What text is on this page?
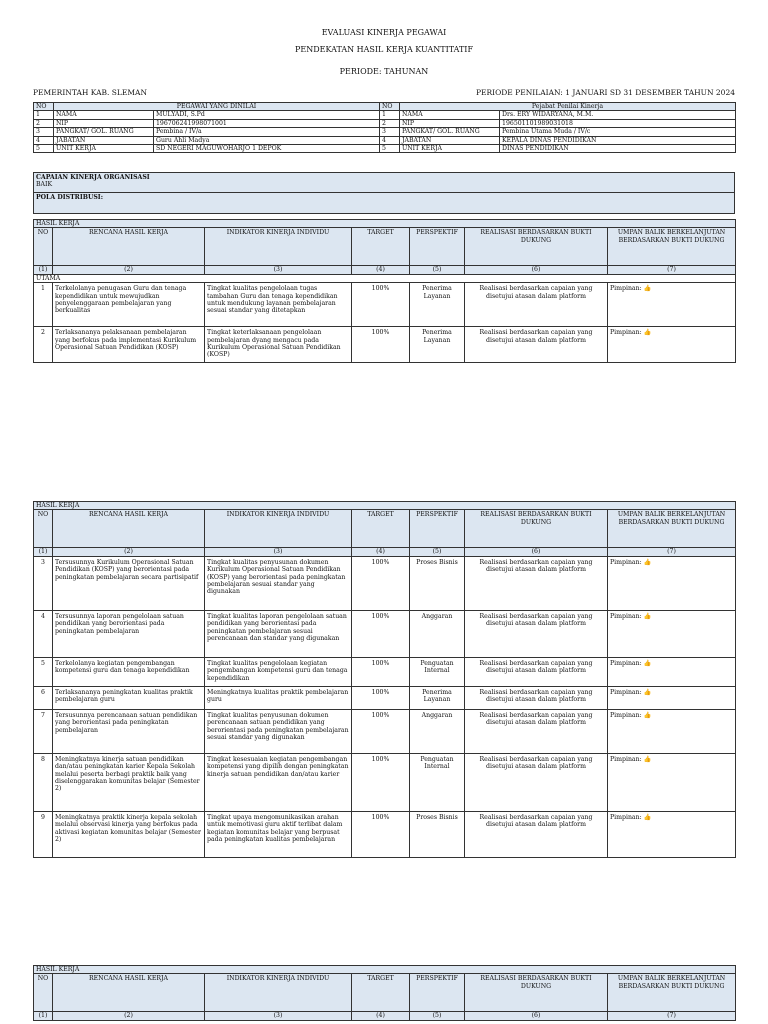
EVALUASI KINERJA PEGAWAI
PENDEKATAN HASIL KERJA KUANTITATIF
PERIODE: TAHUNAN
PEMERINTAH KAB. SLEMAN	PERIODE PENILAIAN: 1 JANUARI SD 31 DESEMBER TAHUN 2024
NO	PEGAWAI YANG DINILAI		NO	Pejabat Penilai Kinerja	
1	NAMA	MULYADI, S.Pd	1	NAMA	Drs. ERY WIDARYANA, M.M.
2	NIP	196706241998071001	2	NIP	196501101989031018
3	PANGKAT/ GOL. RUANG	Pembina / IV/a	3	PANGKAT/ GOL. RUANG	Pembina Utama Muda / IV/c
4	JABATAN	Guru Ahli Madya	4	JABATAN	KEPALA DINAS PENDIDIKAN
5	UNIT KERJA	SD NEGERI MAGUWOHARJO 1 DEPOK	5	UNIT KERJA	DINAS PENDIDIKAN
CAPAIAN KINERJA ORGANISASI
BAIK

POLA DISTRIBUSI:
HASIL KERJA						
NO	RENCANA HASIL KERJA	INDIKATOR KINERJA INDIVIDU	TARGET	PERSPEKTIF	REALISASI BERDASARKAN BUKTI DUKUNG	UMPAN BALIK BERKELANJUTAN BERDASARKAN BUKTI DUKUNG
(1)	(2)	(3)	(4)	(5)	(6)	(7)
UTAMA						
1	Terkelolanya penugasan Guru dan tenaga kependidikan untuk mewujudkan penyelenggaraan pembelajaran yang berkualitas	Tingkat kualitas pengelolaan tugas tambahan Guru dan tenaga kependidikan untuk mendukung layanan pembelajaran sesuai standar yang ditetapkan	100%	Penerima Layanan	Realisasi berdasarkan capaian yang disetujui atasan dalam platform	Pimpinan: 👍
2	Terlaksananya pelaksanaan pembelajaran yang berfokus pada implementasi Kurikulum Operasional Satuan Pendidikan (KOSP)	Tingkat keterlaksanaan pengelolaan pembelajaran dyang mengacu pada Kurikulum Operasional Satuan Pendidikan (KOSP)	100%	Penerima Layanan	Realisasi berdasarkan capaian yang disetujui atasan dalam platform	Pimpinan: 👍
HASIL KERJA						
NO	RENCANA HASIL KERJA	INDIKATOR KINERJA INDIVIDU	TARGET	PERSPEKTIF	REALISASI BERDASARKAN BUKTI DUKUNG	UMPAN BALIK BERKELANJUTAN BERDASARKAN BUKTI DUKUNG
(1)	(2)	(3)	(4)	(5)	(6)	(7)
3	Tersusunnya Kurikulum Operasional Satuan Pendidikan (KOSP) yang berorientasi pada peningkatan pembelajaran secara partisipatif	Tingkat kualitas penyusunan dokumen Kurikulum Operasional Satuan Pendidikan (KOSP) yang berorientasi pada peningkatan pembelajaran sesuai standar yang digunakan	100%	Proses Bisnis	Realisasi berdasarkan capaian yang disetujui atasan dalam platform	Pimpinan: 👍
4	Tersusunnya laporan pengelolaan satuan pendidikan yang berorientasi pada peningkatan pembelajaran	Tingkat kualitas laporan pengelolaan satuan pendidikan yang berorientasi pada peningkatan pembelajaran sesuai perencanaan dan standar yang digunakan	100%	Anggaran	Realisasi berdasarkan capaian yang disetujui atasan dalam platform	Pimpinan: 👍
5	Terkelolanya kegiatan pengembangan kompetensi guru dan tenaga kependidikan	Tingkat kualitas pengelolaan kegiatan pengembangan kompetensi guru dan tenaga kependidikan	100%	Penguatan Internal	Realisasi berdasarkan capaian yang disetujui atasan dalam platform	Pimpinan: 👍
6	Terlaksananya peningkatan kualitas praktik pembelajaran guru	Meningkatnya kualitas praktik pembelajaran guru	100%	Penerima Layanan	Realisasi berdasarkan capaian yang disetujui atasan dalam platform	Pimpinan: 👍
7	Tersusunnya perencanaan satuan pendidikan yang berorientasi pada peningkatan pembelajaran	Tingkat kualitas penyusunan dokumen perencanaan satuan pendidikan yang berorientasi pada peningkatan pembelajaran sesuai standar yang digunakan	100%	Anggaran	Realisasi berdasarkan capaian yang disetujui atasan dalam platform	Pimpinan: 👍
8	Meningkatnya kinerja satuan pendidikan dan/atau peningkatan karier Kepala Sekolah melalui peserta berbagi praktik baik yang diselenggarakan komunitas belajar (Semester 2)	Tingkat kesesuaian kegiatan pengembangan kompetensi yang dipilih dengan peningkatan kinerja satuan pendidikan dan/atau karier	100%	Penguatan Internal	Realisasi berdasarkan capaian yang disetujui atasan dalam platform	Pimpinan: 👍
9	Meningkatnya praktik kinerja kepala sekolah melalui observasi kinerja yang berfokus pada aktivasi kegiatan komunitas belajar (Semester 2)	Tingkat upaya mengomunikasikan arahan untuk memotivasi guru aktif terlibat dalam kegiatan komunitas belajar yang berpusat pada peningkatan kualitas pembelajaran	100%	Proses Bisnis	Realisasi berdasarkan capaian yang disetujui atasan dalam platform	Pimpinan: 👍
HASIL KERJA						
NO	RENCANA HASIL KERJA	INDIKATOR KINERJA INDIVIDU	TARGET	PERSPEKTIF	REALISASI BERDASARKAN BUKTI DUKUNG	UMPAN BALIK BERKELANJUTAN BERDASARKAN BUKTI DUKUNG
(1)	(2)	(3)	(4)	(5)	(6)	(7)
